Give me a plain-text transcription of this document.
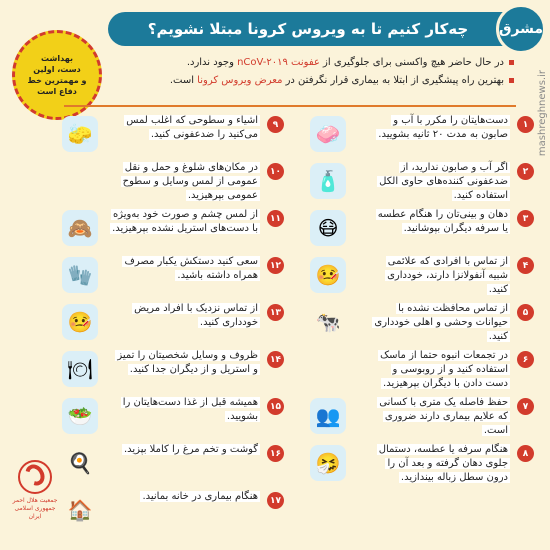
چه‌کار کنیم تا به ویروس کرونا مبتلا نشویم؟ مشرق
mashreghnews.ir
بهداشت
دست، اولین
و مهمترین خط
دفاع است

در حال حاضر هیچ واکسنی برای جلوگیری از عفونت nCoV-۲۰۱۹ وجود ندارد.

بهترین راه پیشگیری از ابتلا به بیماری قرار نگرفتن در معرض ویروس کرونا است.

۱
دست‌هایتان را مکرر با آب و صابون به مدت ۲۰ ثانیه بشویید.
🧼
۲
اگر آب و صابون ندارید، از ضدعفونی کننده‌های حاوی الکل استفاده کنید.
🧴
۳
دهان و بینی‌تان را هنگام عطسه یا سرفه دیگران بپوشانید.
😷
۴
از تماس با افرادی که علائمی شبیه آنفولانزا دارند، خودداری کنید.
🤒
۵
از تماس محافظت نشده با حیوانات وحشی و اهلی خودداری کنید.
🐄
۶
در تجمعات انبوه حتما از ماسک استفاده کنید و از روبوسی و دست دادن با دیگران بپرهیزید.
۷
حفظ فاصله یک متری با کسانی که علایم بیماری دارند ضروری است.
👥
۸
هنگام سرفه یا عطسه، دستمال جلوی دهان گرفته و بعد آن را درون سطل زباله بیندازید.
🤧
۹
اشیاء و سطوحی که اغلب لمس می‌کنید را ضدعفونی کنید.
🧽
۱۰
در مکان‌های شلوغ و حمل و نقل عمومی از لمس وسایل و سطوح عمومی بپرهیزید.
۱۱
از لمس چشم و صورت خود به‌ویژه با دست‌های استریل نشده بپرهیزید.
🙈
۱۲
سعی کنید دستکش یکبار مصرف همراه داشته باشید.
🧤
۱۳
از تماس نزدیک با افراد مریض خودداری کنید.
🤒
۱۴
ظروف و وسایل شخصیتان را تمیز و استریل و از دیگران جدا کنید.
🍽
۱۵
همیشه قبل از غذا دست‌هایتان را بشویید.
🥗
۱۶
گوشت و تخم مرغ را کاملا بپزید.
🍳
۱۷
هنگام بیماری در خانه بمانید.
🏠
جمعیت هلال احمر جمهوری اسلامی ایران
